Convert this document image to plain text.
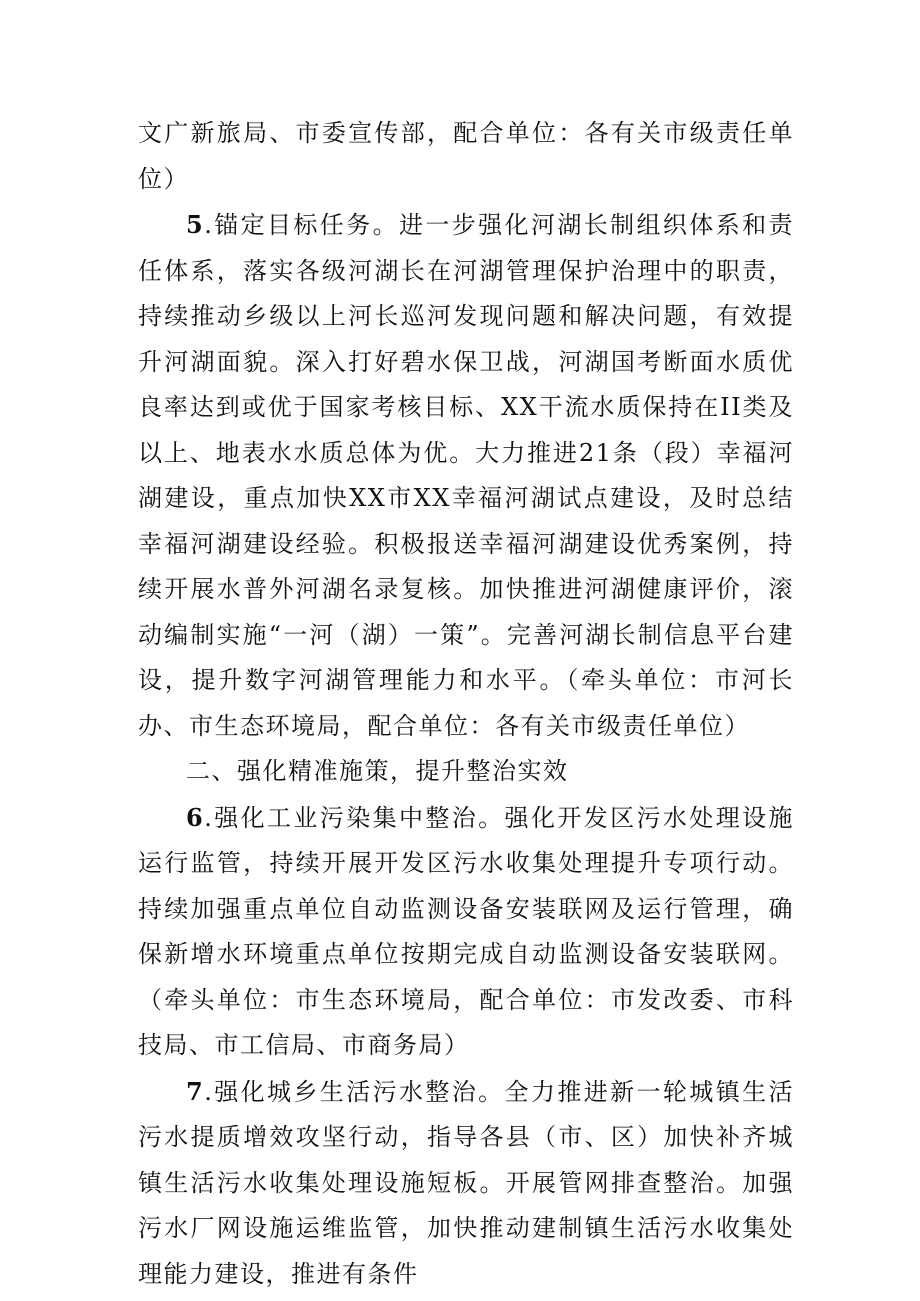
文广新旅局、市委宣传部，配合单位：各有关市级责任单位）

5.锚定目标任务。进一步强化河湖长制组织体系和责任体系，落实各级河湖长在河湖管理保护治理中的职责，持续推动乡级以上河长巡河发现问题和解决问题，有效提升河湖面貌。深入打好碧水保卫战，河湖国考断面水质优良率达到或优于国家考核目标、XX干流水质保持在II类及以上、地表水水质总体为优。大力推进21条（段）幸福河湖建设，重点加快XX市XX幸福河湖试点建设，及时总结幸福河湖建设经验。积极报送幸福河湖建设优秀案例，持续开展水普外河湖名录复核。加快推进河湖健康评价，滚动编制实施“一河（湖）一策”。完善河湖长制信息平台建设，提升数字河湖管理能力和水平。（牵头单位：市河长办、市生态环境局，配合单位：各有关市级责任单位）

二、强化精准施策，提升整治实效

6.强化工业污染集中整治。强化开发区污水处理设施运行监管，持续开展开发区污水收集处理提升专项行动。持续加强重点单位自动监测设备安装联网及运行管理，确保新增水环境重点单位按期完成自动监测设备安装联网。（牵头单位：市生态环境局，配合单位：市发改委、市科技局、市工信局、市商务局）

7.强化城乡生活污水整治。全力推进新一轮城镇生活污水提质增效攻坚行动，指导各县（市、区）加快补齐城镇生活污水收集处理设施短板。开展管网排查整治。加强污水厂网设施运维监管，加快推动建制镇生活污水收集处理能力建设，推进有条件
